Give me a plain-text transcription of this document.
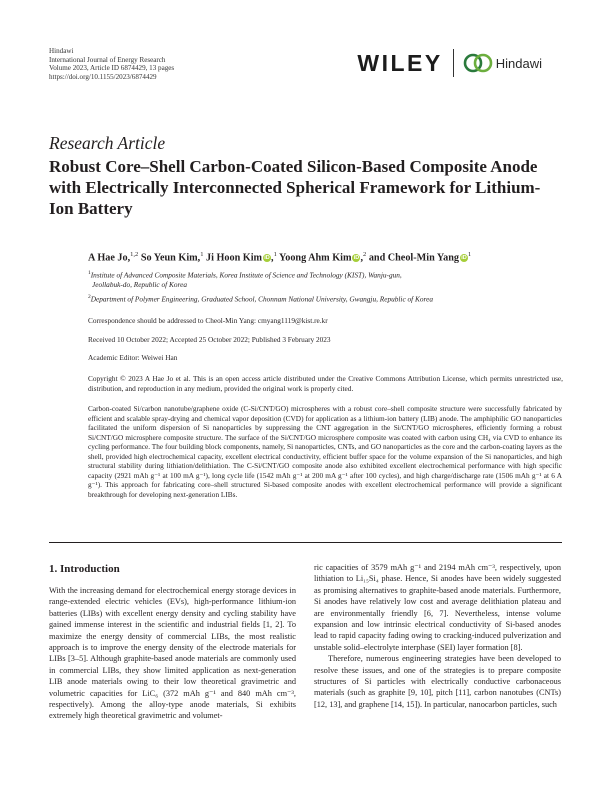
Hindawi
International Journal of Energy Research
Volume 2023, Article ID 6874429, 13 pages
https://doi.org/10.1155/2023/6874429
WILEY	Hindawi
Research Article
Robust Core–Shell Carbon-Coated Silicon-Based Composite Anode with Electrically Interconnected Spherical Framework for Lithium-Ion Battery
A Hae Jo,$^{1,2}$ So Yeun Kim,$^1$ Ji Hoon Kim iD,$^1$ Yoong Ahm Kim iD,$^2$ and Cheol-Min Yang $iD^1$
$^1$Institute of Advanced Composite Materials, Korea Institute of Science and Technology (KIST), Wanju-gun,
Jeollabuk-do, Republic of Korea
$^2$Department of Polymer Engineering, Graduated School, Chonnam National University, Gwangju, Republic of Korea
Correspondence should be addressed to Cheol-Min Yang: cmyang1119@kist.re.kr
Received 10 October 2022; Accepted 25 October 2022; Published 3 February 2023
Academic Editor: Weiwei Han
Copyright © 2023 A Hae Jo et al. This is an open access article distributed under the Creative Commons Attribution License, which permits unrestricted use, distribution, and reproduction in any medium, provided the original work is properly cited.
Carbon-coated Si/carbon nanotube/graphene oxide (C-Si/CNT/GO) microspheres with a robust core–shell composite structure were successfully fabricated by efficient and scalable spray-drying and chemical vapor deposition (CVD) for application as a lithium-ion battery (LIB) anode. The amphiphilic GO nanoparticles facilitated the uniform dispersion of Si nanoparticles by suppressing the CNT aggregation in the Si/CNT/GO microspheres, efficiently forming a robust Si/CNT/GO microsphere composite structure. The surface of the Si/CNT/GO microsphere composite was coated with carbon using CH₄ via CVD to enhance its cycling performance. The four building block components, namely, Si nanoparticles, CNTs, and GO nanoparticles as the core and the carbon-coating layers as the shell, provided high electrochemical capacity, excellent electrical conductivity, efficient buffer space for the volume expansion of the Si nanoparticles, and high structural stability during lithiation/delithiation. The C-Si/CNT/GO composite anode also exhibited excellent electrochemical performance with high specific capacity (2921 mAh g⁻¹ at 100 mA g⁻¹), long cycle life (1542 mAh g⁻¹ at 200 mA g⁻¹ after 100 cycles), and high charge/discharge rate (1506 mAh g⁻¹ at 6 A g⁻¹). This approach for fabricating core–shell structured Si-based composite anodes with excellent electrochemical performance will provide a significant breakthrough for developing next-generation LIBs.
1. Introduction

With the increasing demand for electrochemical energy storage devices in range-extended electric vehicles (EVs), high-performance lithium-ion batteries (LIBs) with excellent energy density and cycling stability have gained immense interest in the scientific and industrial fields [1, 2]. To maximize the energy density of commercial LIBs, the most realistic approach is to improve the energy density of the electrode materials for LIBs [3–5]. Although graphite-based anode materials are commonly used in commercial LIBs, they show limited application as next-generation LIB anode materials owing to their low theoretical gravimetric and volumetric capacities for LiC₆ (372 mAh g⁻¹ and 840 mAh cm⁻³, respectively). Among the alloy-type anode materials, Si exhibits extremely high theoretical gravimetric and volumet-

ric capacities of 3579 mAh g⁻¹ and 2194 mAh cm⁻³, respectively, upon lithiation to Li₁₅Si₄ phase. Hence, Si anodes have been widely suggested as promising alternatives to graphite-based anode materials. Furthermore, Si anodes have relatively low cost and average delithiation plateau and are environmentally friendly [6, 7]. Nevertheless, intense volume expansion and low intrinsic electrical conductivity of Si-based anodes lead to rapid capacity fading owing to cracking-induced pulverization and unstable solid–electrolyte interphase (SEI) layer formation [8].

Therefore, numerous engineering strategies have been developed to resolve these issues, and one of the strategies is to prepare composite structures of Si particles with electrically conductive carbonaceous materials (such as graphite [9, 10], pitch [11], carbon nanotubes (CNTs) [12, 13], and graphene [14, 15]). In particular, nanocarbon particles, such
